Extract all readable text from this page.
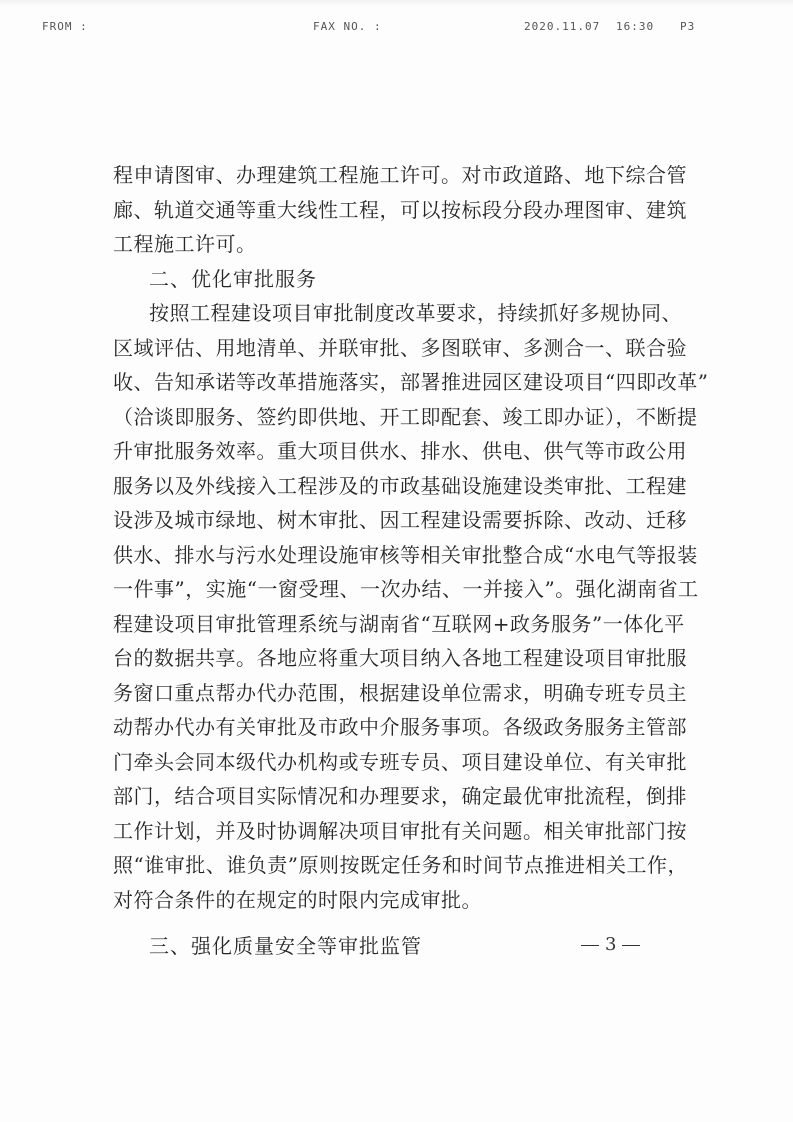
FROM :	FAX NO. :	2020.11.07 16:30 P3
程申请图审、办理建筑工程施工许可。对市政道路、地下综合管
廊、轨道交通等重大线性工程，可以按标段分段办理图审、建筑
工程施工许可。
二、优化审批服务
按照工程建设项目审批制度改革要求，持续抓好多规协同、
区域评估、用地清单、并联审批、多图联审、多测合一、联合验
收、告知承诺等改革措施落实，部署推进园区建设项目“四即改革”
（洽谈即服务、签约即供地、开工即配套、竣工即办证），不断提
升审批服务效率。重大项目供水、排水、供电、供气等市政公用
服务以及外线接入工程涉及的市政基础设施建设类审批、工程建
设涉及城市绿地、树木审批、因工程建设需要拆除、改动、迁移
供水、排水与污水处理设施审核等相关审批整合成“水电气等报装
一件事”，实施“一窗受理、一次办结、一并接入”。强化湖南省工
程建设项目审批管理系统与湖南省“互联网+政务服务”一体化平
台的数据共享。各地应将重大项目纳入各地工程建设项目审批服
务窗口重点帮办代办范围，根据建设单位需求，明确专班专员主
动帮办代办有关审批及市政中介服务事项。各级政务服务主管部
门牵头会同本级代办机构或专班专员、项目建设单位、有关审批
部门，结合项目实际情况和办理要求，确定最优审批流程，倒排
工作计划，并及时协调解决项目审批有关问题。相关审批部门按
照“谁审批、谁负责”原则按既定任务和时间节点推进相关工作，
对符合条件的在规定的时限内完成审批。
三、强化质量安全等审批监管	3
